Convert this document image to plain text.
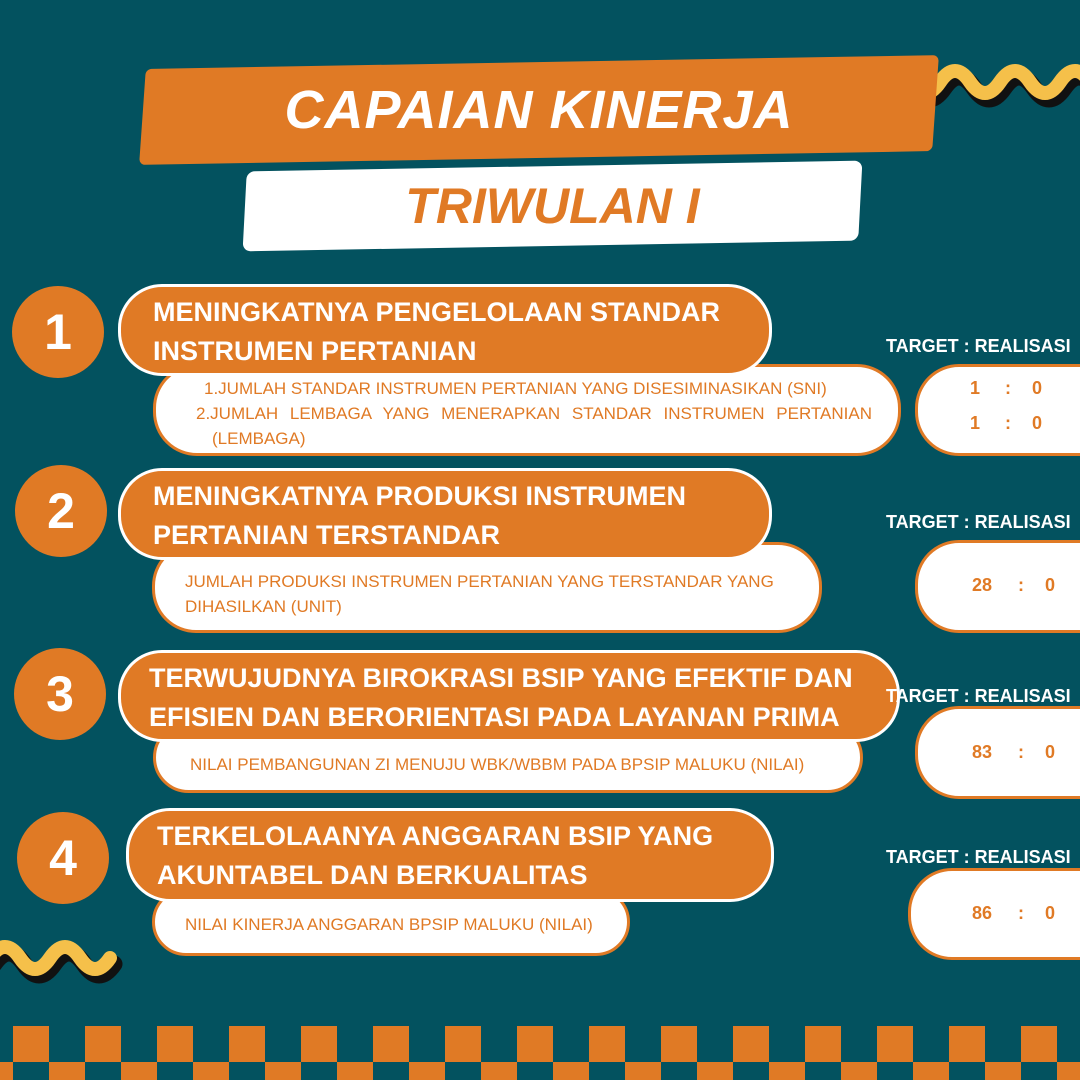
CAPAIAN KINERJA
TRIWULAN I
1
1.JUMLAH STANDAR INSTRUMEN PERTANIAN YANG DISESIMINASIKAN (SNI)
2.JUMLAH LEMBAGA YANG MENERAPKAN STANDAR INSTRUMEN PERTANIAN
(LEMBAGA)
MENINGKATNYA PENGELOLAAN STANDAR
INSTRUMEN PERTANIAN	TARGET : REALISASI
1 : 0
1 : 0
2
JUMLAH PRODUKSI INSTRUMEN PERTANIAN YANG TERSTANDAR YANG
DIHASILKAN (UNIT)
MENINGKATNYA PRODUKSI INSTRUMEN
PERTANIAN TERSTANDAR	TARGET : REALISASI
28 : 0
3
NILAI PEMBANGUNAN ZI MENUJU WBK/WBBM PADA BPSIP MALUKU (NILAI)
TERWUJUDNYA BIROKRASI BSIP YANG EFEKTIF DAN
EFISIEN DAN BERORIENTASI PADA LAYANAN PRIMA
TARGET : REALISASI
83 : 0
4
NILAI KINERJA ANGGARAN BPSIP MALUKU (NILAI)
TERKELOLAANYA ANGGARAN BSIP YANG
AKUNTABEL DAN BERKUALITAS
TARGET : REALISASI
86 : 0
